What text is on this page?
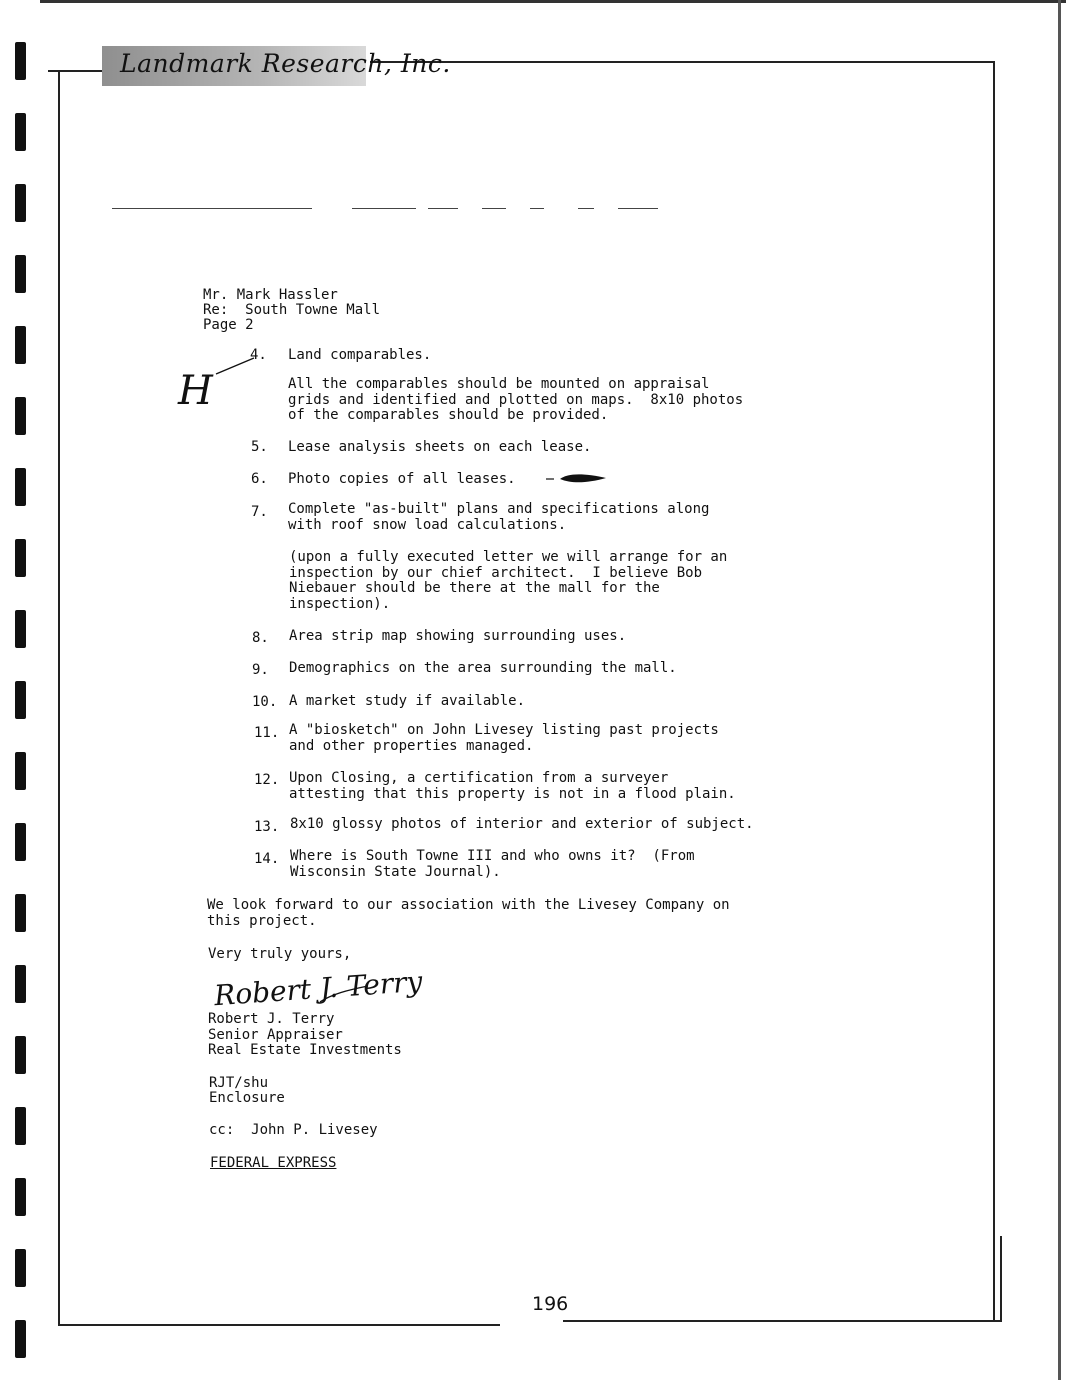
Landmark Research, Inc.
Mr. Mark Hassler
Re:  South Towne Mall
Page 2
H
4. Land comparables.
All the comparables should be mounted on appraisal
grids and identified and plotted on maps.  8x10 photos
of the comparables should be provided.
5. Lease analysis sheets on each lease.
6. Photo copies of all leases.
7. Complete "as-built" plans and specifications along
with roof snow load calculations.
(upon a fully executed letter we will arrange for an
inspection by our chief architect.  I believe Bob
Niebauer should be there at the mall for the
inspection).
8. Area strip map showing surrounding uses.
9. Demographics on the area surrounding the mall.
10. A market study if available.
11. A "biosketch" on John Livesey listing past projects
and other properties managed.
12. Upon Closing, a certification from a surveyer
attesting that this property is not in a flood plain.
13. 8x10 glossy photos of interior and exterior of subject.
14. Where is South Towne III and who owns it?  (From
Wisconsin State Journal).
We look forward to our association with the Livesey Company on
this project.
Very truly yours,
Robert J. Terry
Robert J. Terry
Senior Appraiser
Real Estate Investments
RJT/shu
Enclosure
cc:  John P. Livesey
FEDERAL EXPRESS
196
